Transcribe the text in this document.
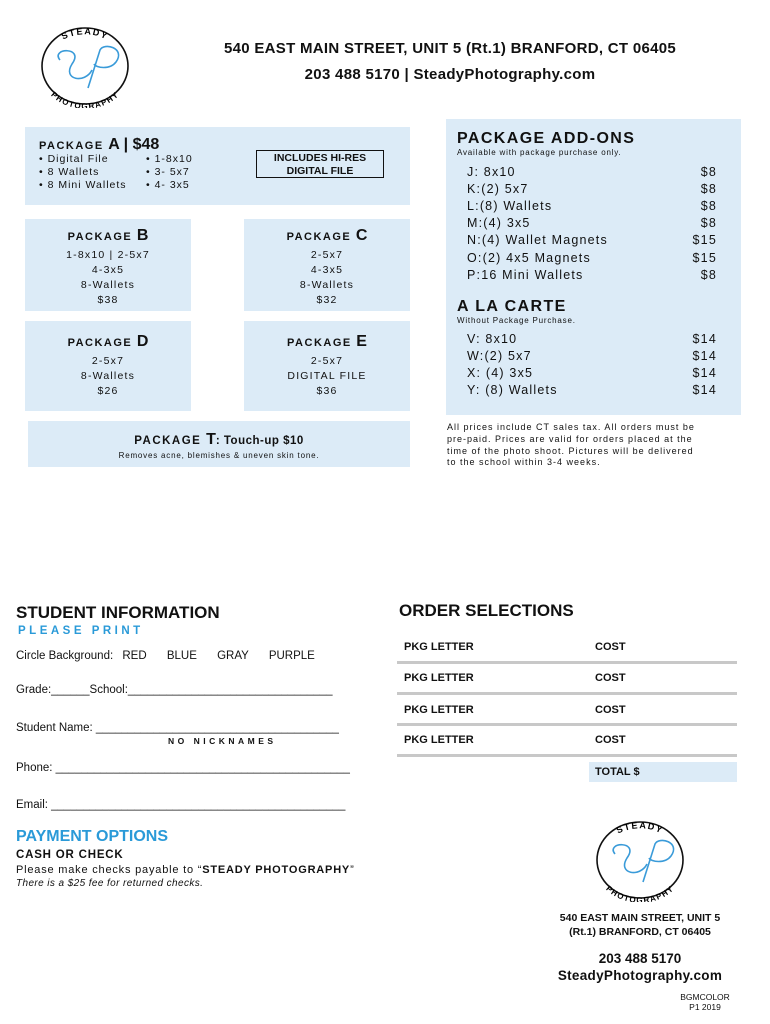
STEADY
PHOTOGRAPHY
540 EAST MAIN STREET, UNIT 5 (Rt.1) BRANFORD, CT 06405
203 488 5170 | SteadyPhotography.com
PACKAGE A | $48
• Digital File
• 8 Wallets
• 8 Mini Wallets
• 1-8x10
• 3- 5x7
• 4- 3x5
INCLUDES HI-RES
DIGITAL FILE
PACKAGE B
1-8x10 | 2-5x7
4-3x5
8-Wallets
$38
PACKAGE C
2-5x7
4-3x5
8-Wallets
$32
PACKAGE D
2-5x7
8-Wallets
$26
PACKAGE E
2-5x7
DIGITAL FILE
$36
PACKAGE T: Touch-up $10
Removes acne, blemishes & uneven skin tone.
PACKAGE ADD-ONS
Available with package purchase only.
J: 8x10	$8
K:(2) 5x7	$8
L:(8) Wallets	$8
M:(4) 3x5	$8
N:(4) Wallet Magnets	$15
O:(2) 4x5 Magnets	$15
P:16 Mini Wallets	$8
A LA CARTE
Without Package Purchase.
V: 8x10	$14
W:(2) 5x7	$14
X: (4) 3x5	$14
Y: (8) Wallets	$14
All prices include CT sales tax. All orders must be
pre-paid. Prices are valid for orders placed at the
time of the photo shoot. Pictures will be delivered
to the school within 3-4 weeks.
STUDENT INFORMATION
PLEASE PRINT
Circle Background: RED BLUE GRAY PURPLE
Grade:______School:________________________________
Student Name: ______________________________________
NO NICKNAMES
Phone: ______________________________________________
Email: ______________________________________________
PAYMENT OPTIONS
CASH OR CHECK
Please make checks payable to “STEADY PHOTOGRAPHY”
There is a $25 fee for returned checks.
ORDER SELECTIONS
PKG LETTER	COST
PKG LETTER	COST
PKG LETTER	COST
PKG LETTER	COST
TOTAL $
STEADY
PHOTOGRAPHY
540 EAST MAIN STREET, UNIT 5
(Rt.1) BRANFORD, CT 06405
203 488 5170
SteadyPhotography.com
BGMCOLOR
P1 2019
